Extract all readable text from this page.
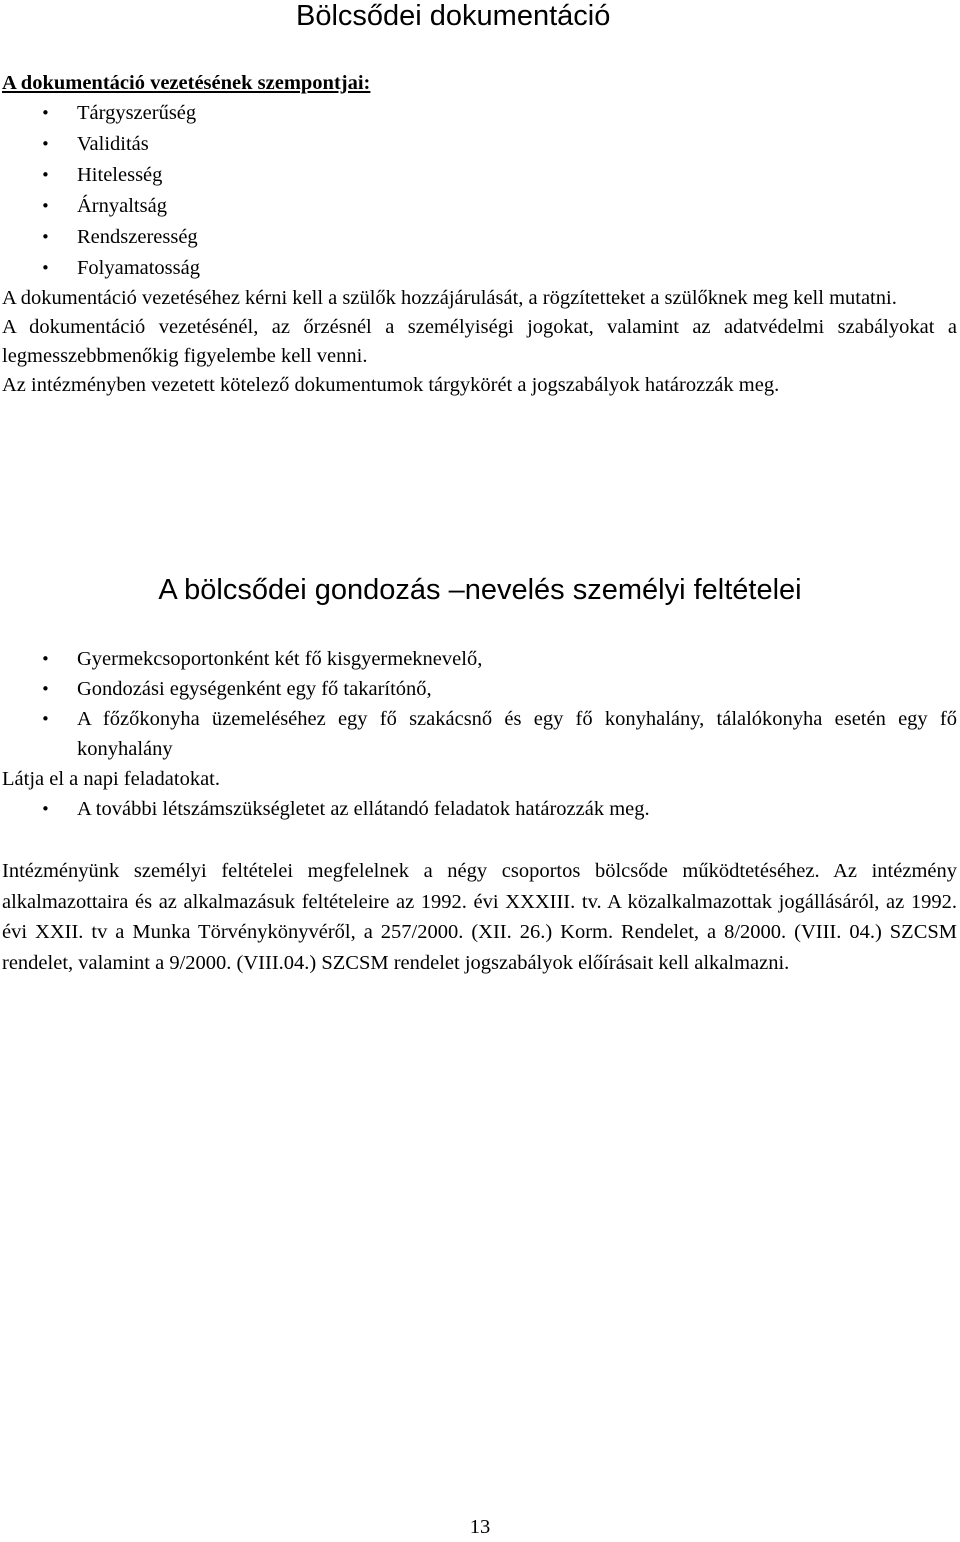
Bölcsődei dokumentáció
A dokumentáció vezetésének szempontjai:
• Tárgyszerűség
• Validitás
• Hitelesség
• Árnyaltság
• Rendszeresség
• Folyamatosság

A dokumentáció vezetéséhez kérni kell a szülők hozzájárulását, a rögzítetteket a szülőknek meg kell mutatni.

A dokumentáció vezetésénél, az őrzésnél a személyiségi jogokat, valamint az adatvédelmi szabályokat a legmesszebbmenőkig figyelembe kell venni.

Az intézményben vezetett kötelező dokumentumok tárgykörét a jogszabályok határozzák meg.

A bölcsődei gondozás –nevelés személyi feltételei
• Gyermekcsoportonként két fő kisgyermeknevelő,
• Gondozási egységenként egy fő takarítónő,
• A főzőkonyha üzemeléséhez egy fő szakácsnő és egy fő konyhalány, tálalókonyha esetén egy fő konyhalány

Látja el a napi feladatokat.

• A további létszámszükségletet az ellátandó feladatok határozzák meg.
Intézményünk személyi feltételei megfelelnek a négy csoportos bölcsőde működtetéséhez. Az intézmény alkalmazottaira és az alkalmazásuk feltételeire az 1992. évi XXXIII. tv. A közalkalmazottak jogállásáról, az 1992. évi XXII. tv a Munka Törvénykönyvéről, a 257/2000. (XII. 26.) Korm. Rendelet, a 8/2000. (VIII. 04.) SZCSM rendelet, valamint a 9/2000. (VIII.04.) SZCSM rendelet jogszabályok előírásait kell alkalmazni.
13
